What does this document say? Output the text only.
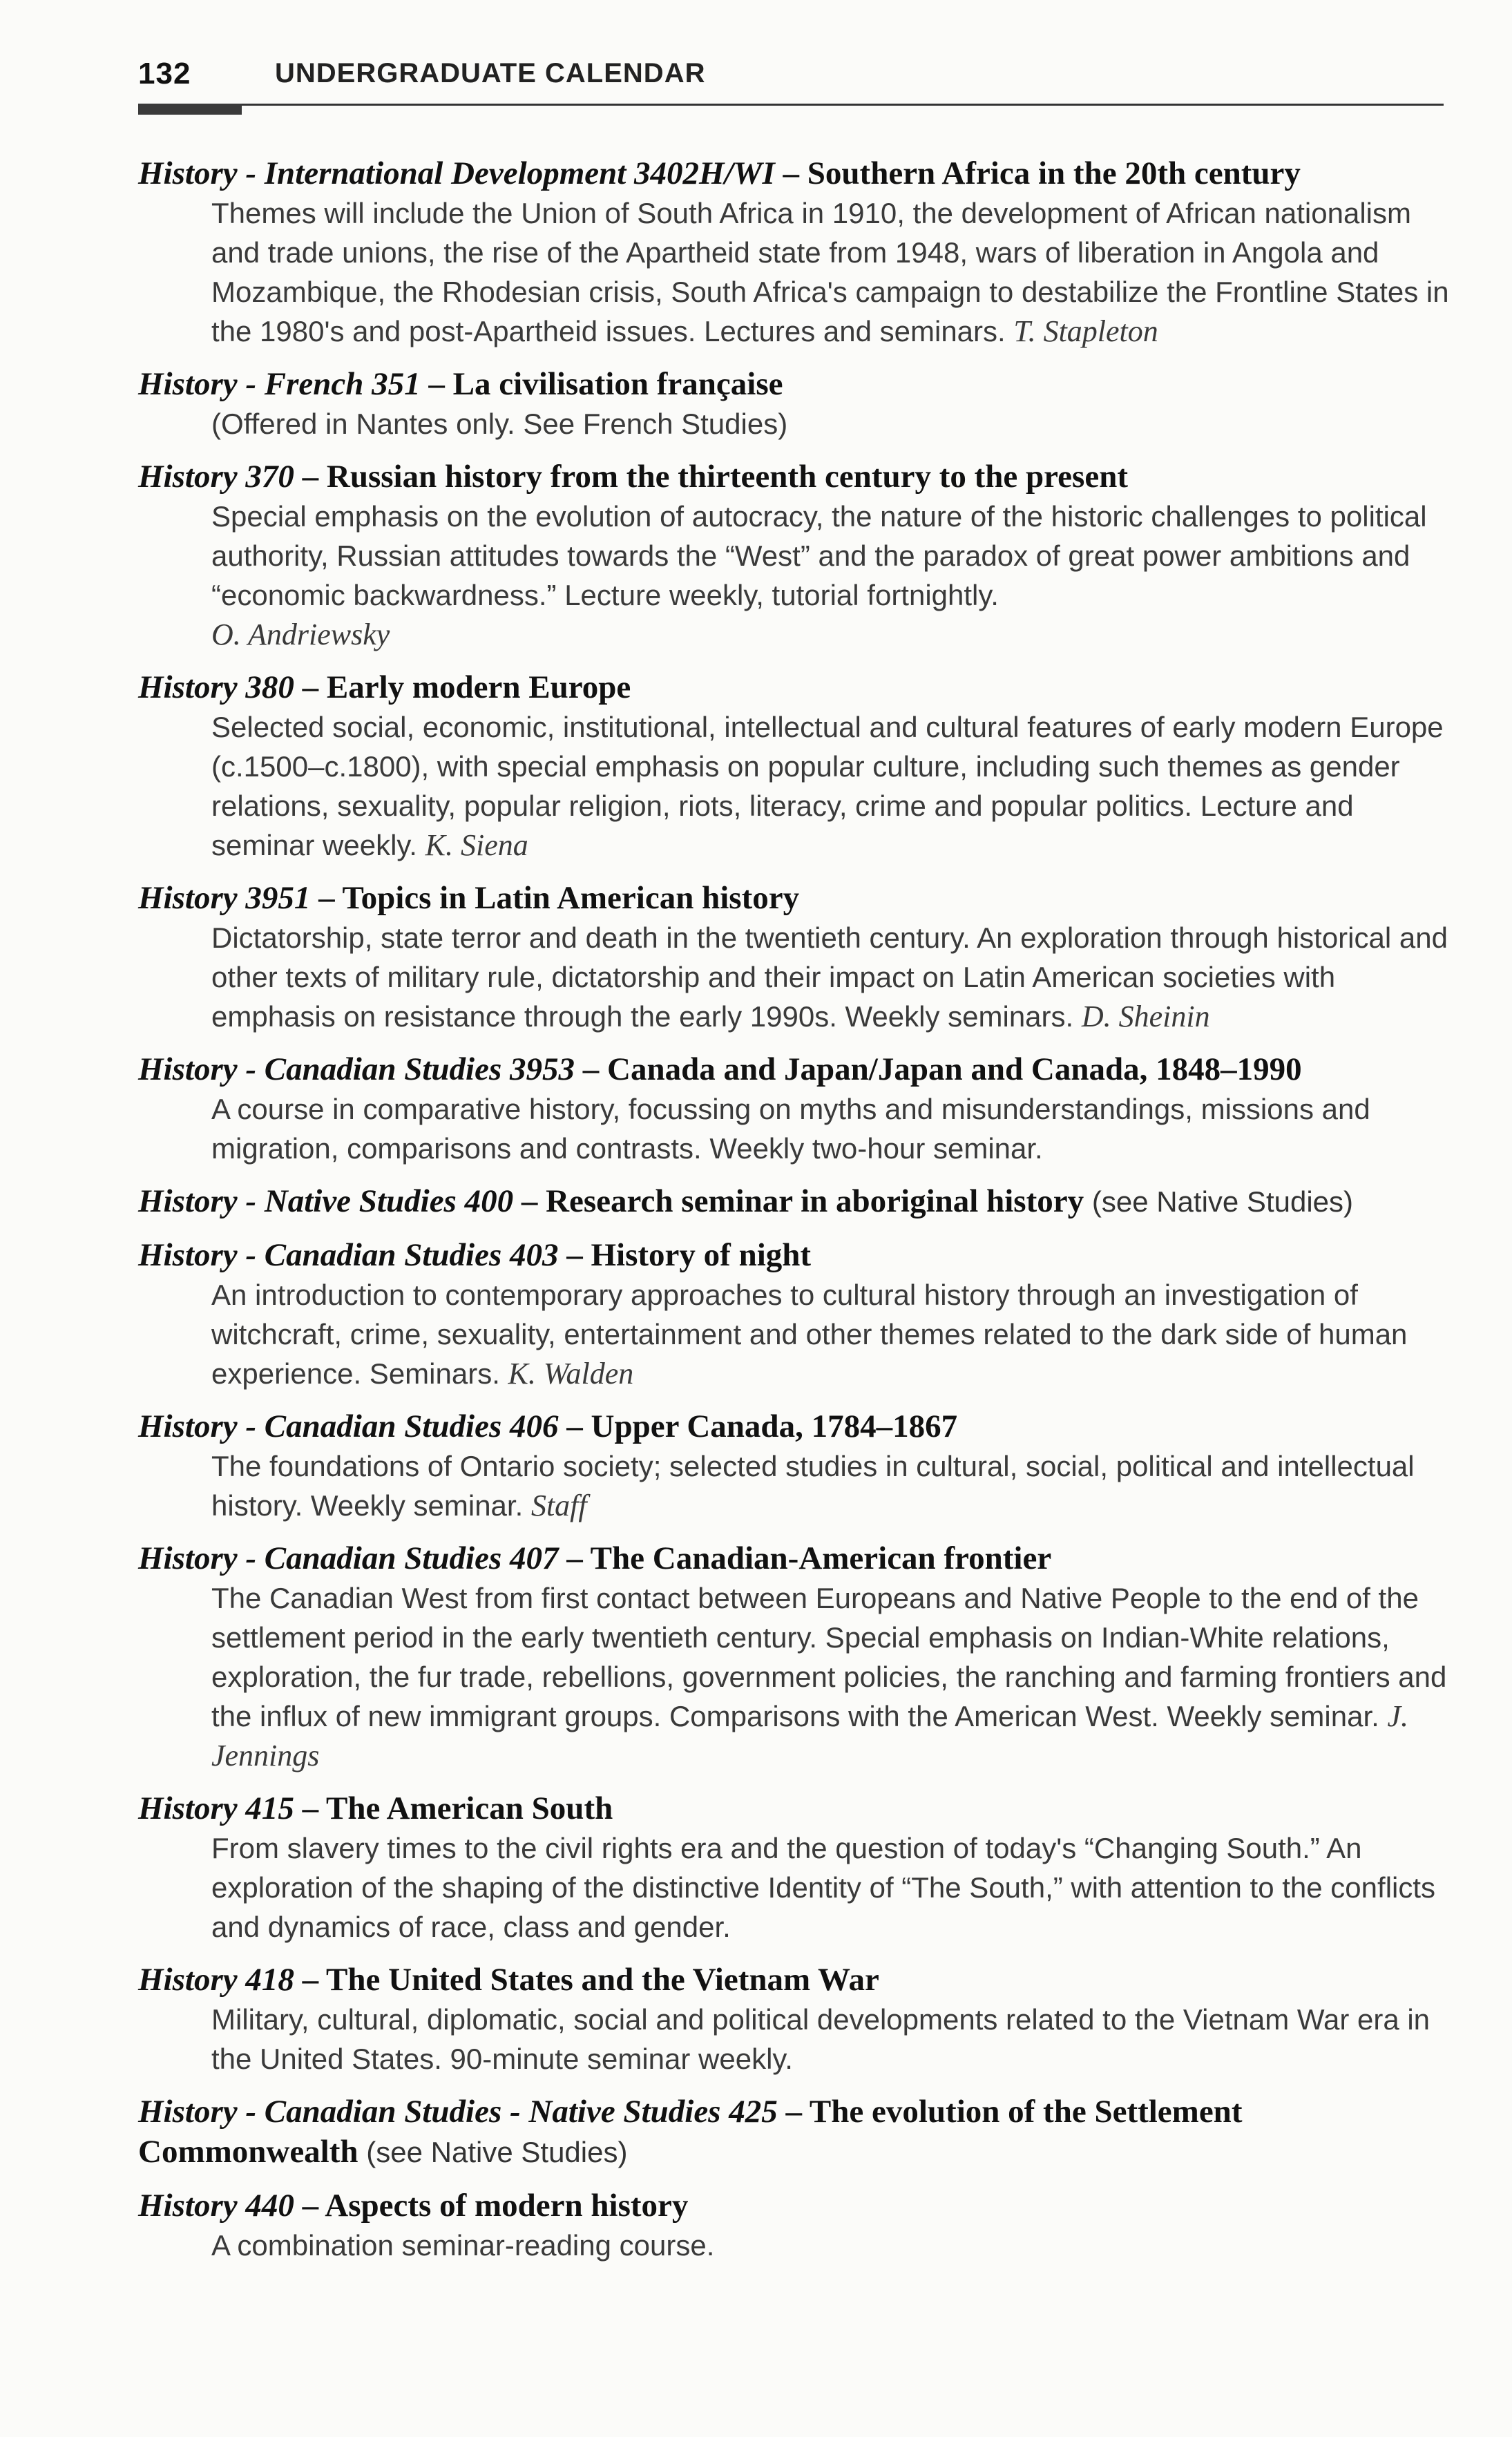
132	UNDERGRADUATE CALENDAR
History - International Development 3402H/WI – Southern Africa in the 20th century
Themes will include the Union of South Africa in 1910, the development of African nationalism and trade unions, the rise of the Apartheid state from 1948, wars of liberation in Angola and Mozambique, the Rhodesian crisis, South Africa's campaign to destabilize the Frontline States in the 1980's and post-Apartheid issues. Lectures and seminars. T. Stapleton
History - French 351 – La civilisation française
(Offered in Nantes only. See French Studies)
History 370 – Russian history from the thirteenth century to the present
Special emphasis on the evolution of autocracy, the nature of the historic challenges to political authority, Russian attitudes towards the “West” and the paradox of great power ambitions and “economic backwardness.” Lecture weekly, tutorial fortnightly.
O. Andriewsky
History 380 – Early modern Europe
Selected social, economic, institutional, intellectual and cultural features of early modern Europe (c.1500–c.1800), with special emphasis on popular culture, including such themes as gender relations, sexuality, popular religion, riots, literacy, crime and popular politics. Lecture and seminar weekly. K. Siena
History 3951 – Topics in Latin American history
Dictatorship, state terror and death in the twentieth century. An exploration through historical and other texts of military rule, dictatorship and their impact on Latin American societies with emphasis on resistance through the early 1990s. Weekly seminars. D. Sheinin
History - Canadian Studies 3953 – Canada and Japan/Japan and Canada, 1848–1990
A course in comparative history, focussing on myths and misunderstandings, missions and migration, comparisons and contrasts. Weekly two-hour seminar.
History - Native Studies 400 – Research seminar in aboriginal history (see Native Studies)
History - Canadian Studies 403 – History of night
An introduction to contemporary approaches to cultural history through an investigation of witchcraft, crime, sexuality, entertainment and other themes related to the dark side of human experience. Seminars. K. Walden
History - Canadian Studies 406 – Upper Canada, 1784–1867
The foundations of Ontario society; selected studies in cultural, social, political and intellectual history. Weekly seminar. Staff
History - Canadian Studies 407 – The Canadian-American frontier
The Canadian West from first contact between Europeans and Native People to the end of the settlement period in the early twentieth century. Special emphasis on Indian-White relations, exploration, the fur trade, rebellions, government policies, the ranching and farming frontiers and the influx of new immigrant groups. Comparisons with the American West. Weekly seminar. J. Jennings
History 415 – The American South
From slavery times to the civil rights era and the question of today's “Changing South.” An exploration of the shaping of the distinctive Identity of “The South,” with attention to the conflicts and dynamics of race, class and gender.
History 418 – The United States and the Vietnam War
Military, cultural, diplomatic, social and political developments related to the Vietnam War era in the United States. 90-minute seminar weekly.
History - Canadian Studies - Native Studies 425 – The evolution of the Settlement Commonwealth (see Native Studies)
History 440 – Aspects of modern history
A combination seminar-reading course.
